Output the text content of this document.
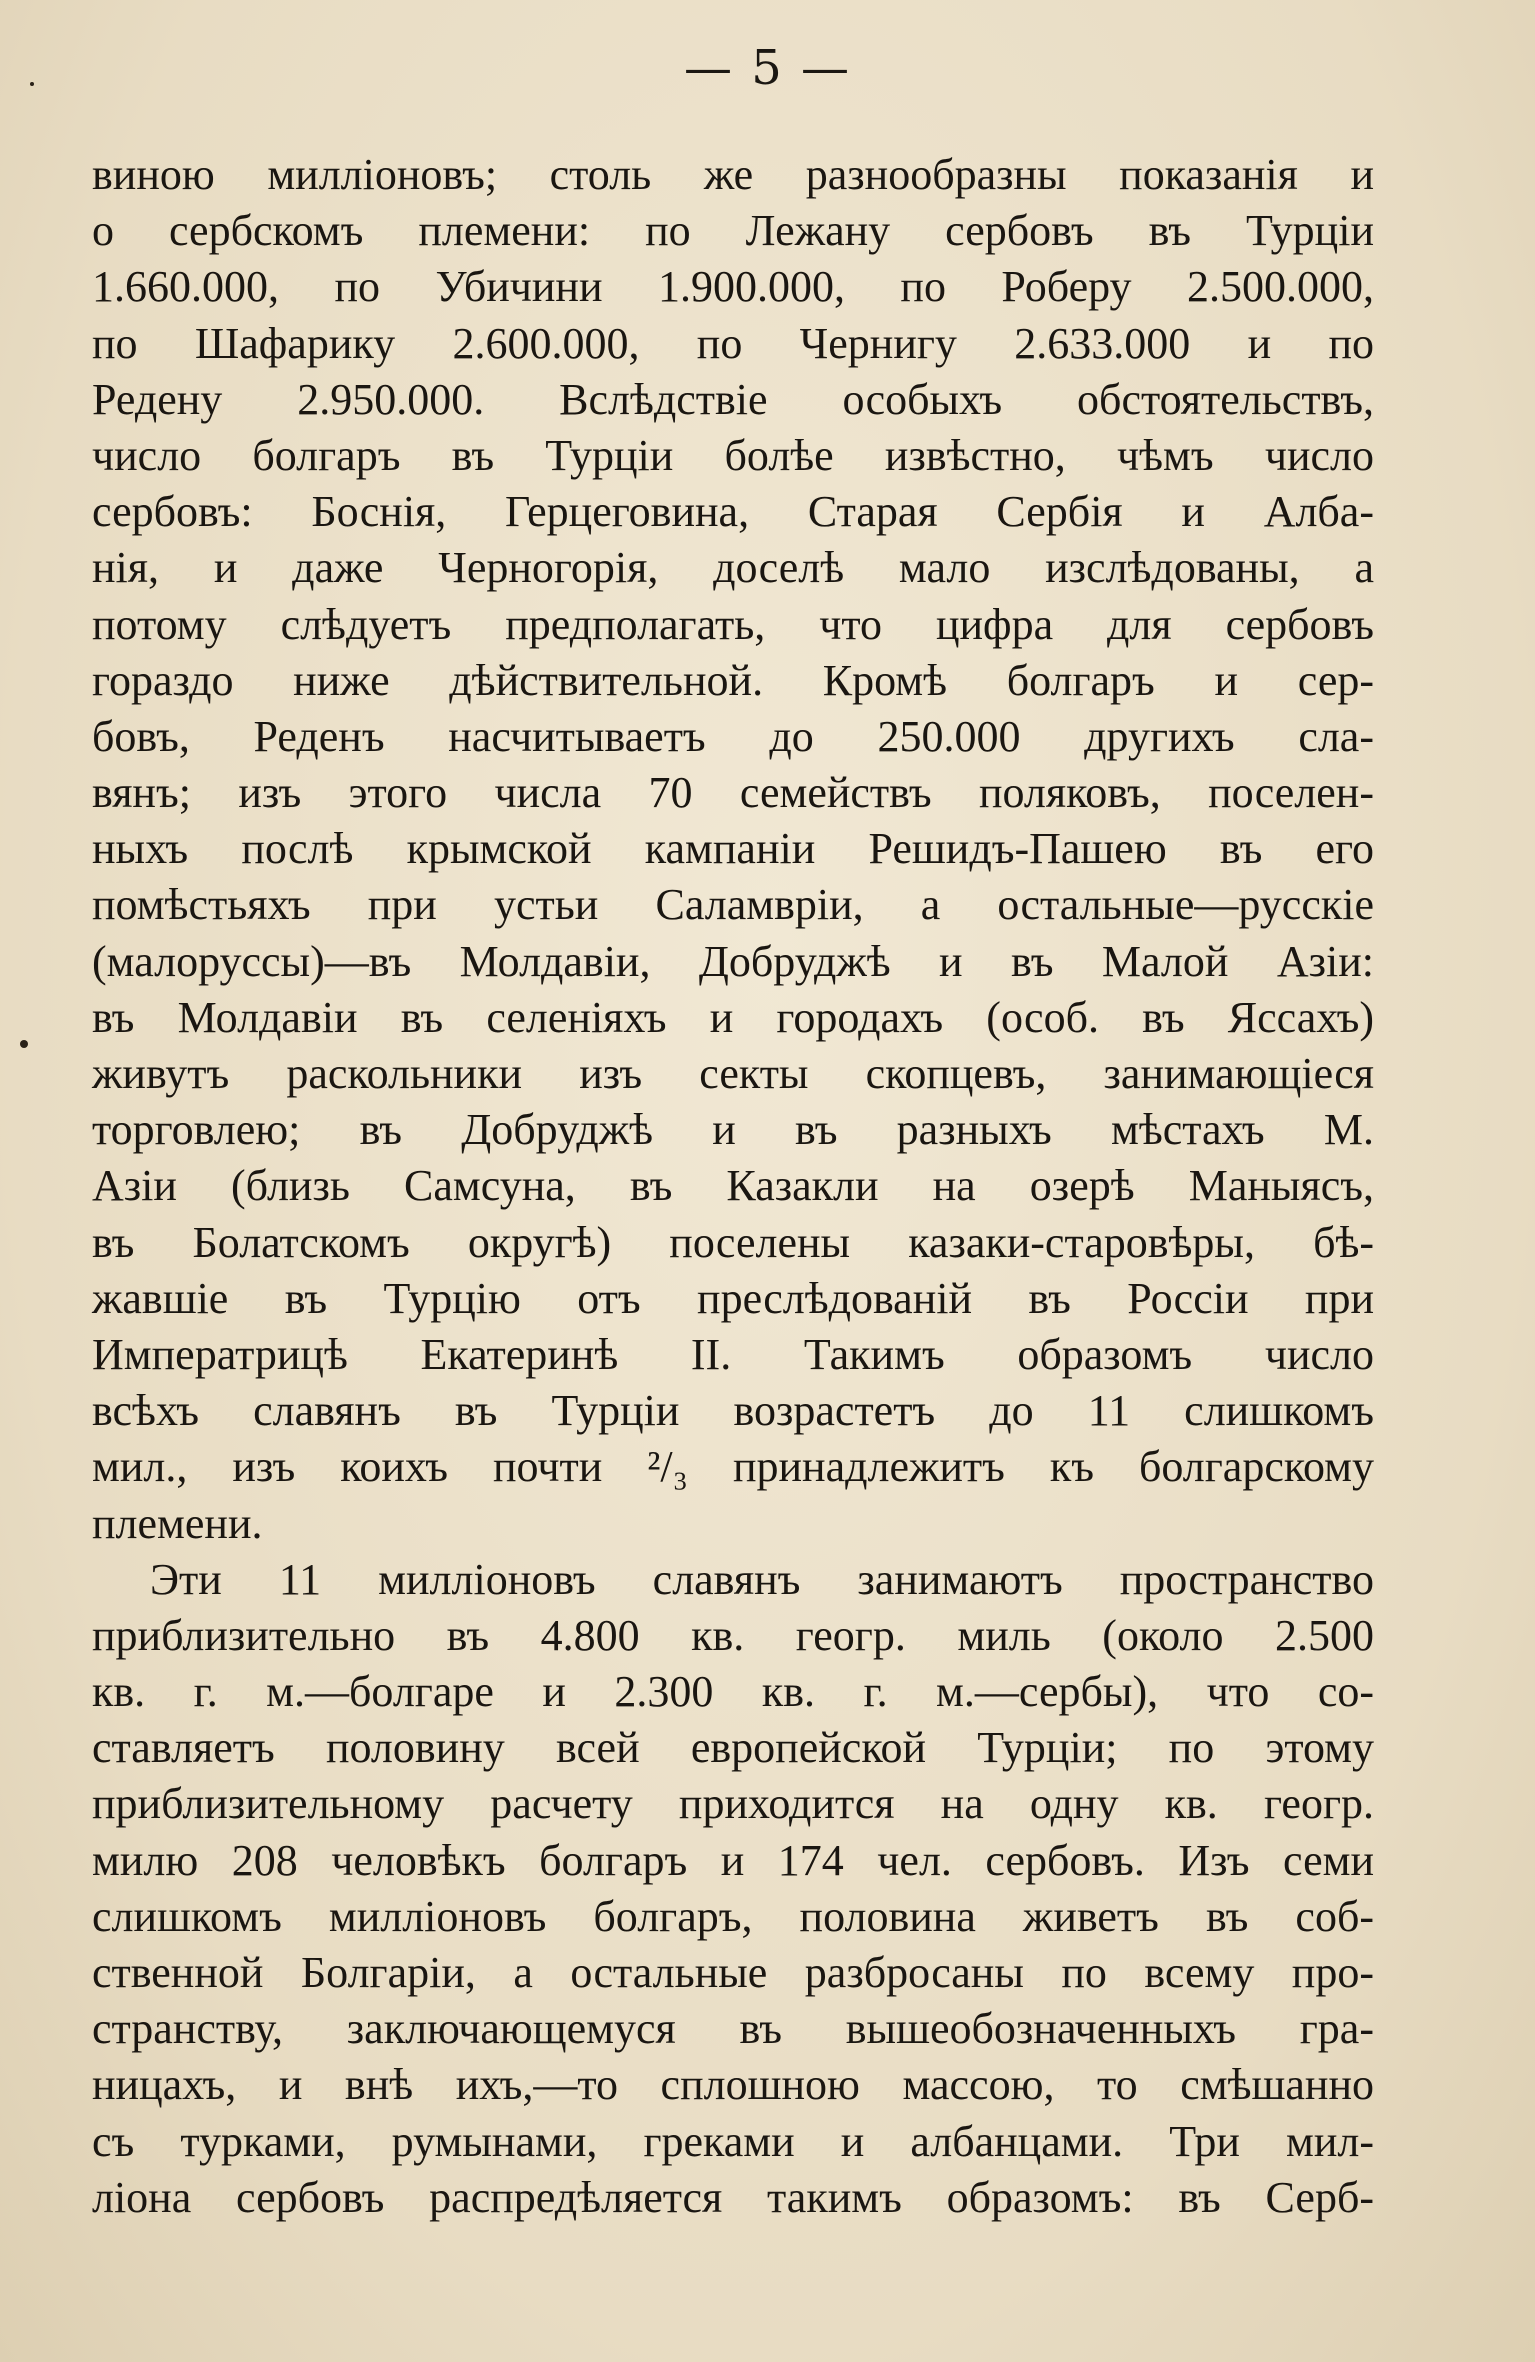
— 5 —
виною милліоновъ; столь же разнообразны показанія и
о сербскомъ племени: по Лежану сербовъ въ Турціи
1.660.000, по Убичини 1.900.000, по Роберу 2.500.000,
по Шафарику 2.600.000, по Чернигу 2.633.000 и по
Редену 2.950.000. Вслѣдствіе особыхъ обстоятельствъ,
число болгаръ въ Турціи болѣе извѣстно, чѣмъ число
сербовъ: Боснія, Герцеговина, Старая Сербія и Алба-
нія, и даже Черногорія, доселѣ мало изслѣдованы, а
потому слѣдуетъ предполагать, что цифра для сербовъ
гораздо ниже дѣйствительной. Кромѣ болгаръ и сер-
бовъ, Реденъ насчитываетъ до 250.000 другихъ сла-
вянъ; изъ этого числа 70 семействъ поляковъ, поселен-
ныхъ послѣ крымской кампаніи Решидъ-Пашею въ его
помѣстьяхъ при устьи Саламвріи, а остальные—русскіе
(малоруссы)—въ Молдавіи, Добруджѣ и въ Малой Азіи:
въ Молдавіи въ селеніяхъ и городахъ (особ. въ Яссахъ)
живутъ раскольники изъ секты скопцевъ, занимающіеся
торговлею; въ Добруджѣ и въ разныхъ мѣстахъ М.
Азіи (близь Самсуна, въ Казакли на озерѣ Маныясъ,
въ Болатскомъ округѣ) поселены казаки-старовѣры, бѣ-
жавшіе въ Турцію отъ преслѣдованій въ Россіи при
Императрицѣ Екатеринѣ II. Такимъ образомъ число
всѣхъ славянъ въ Турціи возрастетъ до 11 слишкомъ
мил., изъ коихъ почти ²/₃ принадлежитъ къ болгарскому
племени.
Эти 11 милліоновъ славянъ занимаютъ пространство
приблизительно въ 4.800 кв. геогр. миль (около 2.500
кв. г. м.—болгаре и 2.300 кв. г. м.—сербы), что со-
ставляетъ половину всей европейской Турціи; по этому
приблизительному расчету приходится на одну кв. геогр.
милю 208 человѣкъ болгаръ и 174 чел. сербовъ. Изъ семи
слишкомъ милліоновъ болгаръ, половина живетъ въ соб-
ственной Болгаріи, а остальные разбросаны по всему про-
странству, заключающемуся въ вышеобозначенныхъ гра-
ницахъ, и внѣ ихъ,—то сплошною массою, то смѣшанно
съ турками, румынами, греками и албанцами. Три мил-
ліона сербовъ распредѣляется такимъ образомъ: въ Серб-
